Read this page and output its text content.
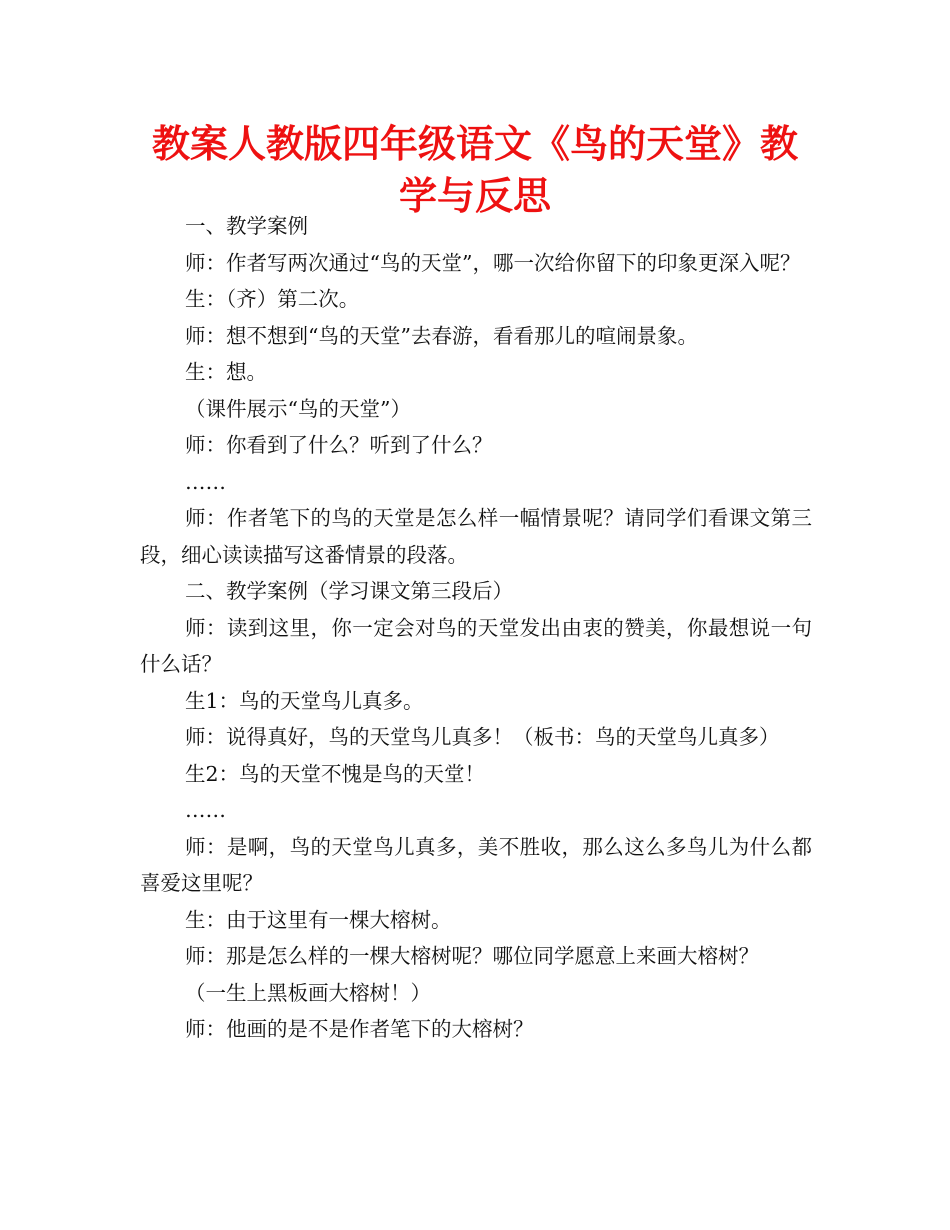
教案人教版四年级语文《鸟的天堂》教学与反思

一、教学案例

师：作者写两次通过“鸟的天堂”，哪一次给你留下的印象更深入呢？

生：（齐）第二次。

师：想不想到“鸟的天堂”去春游，看看那儿的喧闹景象。

生：想。

（课件展示“鸟的天堂”）

师：你看到了什么？听到了什么？

……

师：作者笔下的鸟的天堂是怎么样一幅情景呢？请同学们看课文第三段，细心读读描写这番情景的段落。

二、教学案例（学习课文第三段后）

师：读到这里，你一定会对鸟的天堂发出由衷的赞美，你最想说一句什么话？

生1：鸟的天堂鸟儿真多。

师：说得真好，鸟的天堂鸟儿真多！（板书：鸟的天堂鸟儿真多）

生2：鸟的天堂不愧是鸟的天堂！

……

师：是啊，鸟的天堂鸟儿真多，美不胜收，那么这么多鸟儿为什么都喜爱这里呢？

生：由于这里有一棵大榕树。

师：那是怎么样的一棵大榕树呢？哪位同学愿意上来画大榕树？

（一生上黑板画大榕树！）

师：他画的是不是作者笔下的大榕树？
